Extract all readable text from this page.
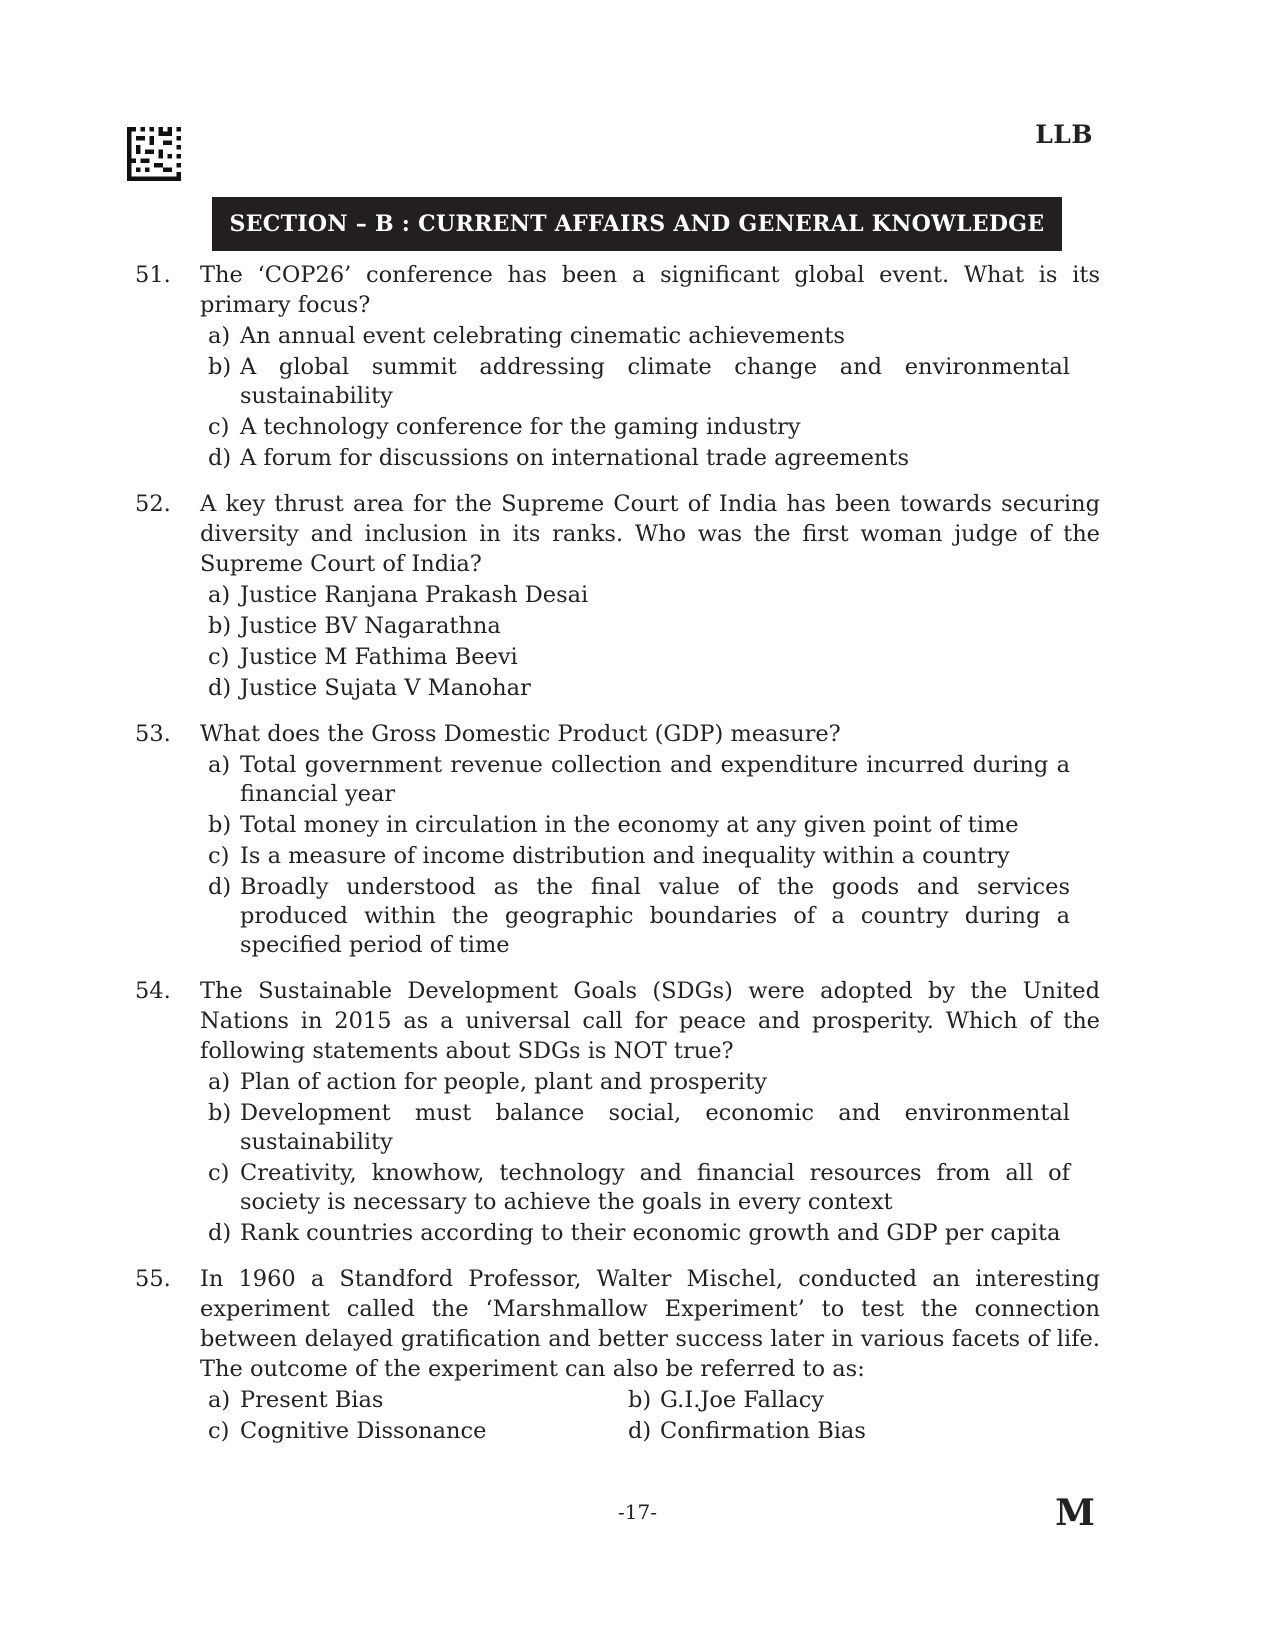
LLB
SECTION – B : CURRENT AFFAIRS AND GENERAL KNOWLEDGE
51.	The ‘COP26’ conference has been a significant global event. What is its primary focus?
a) An annual event celebrating cinematic achievements
b) A global summit addressing climate change and environmental sustainability
c) A technology conference for the gaming industry
d) A forum for discussions on international trade agreements
52.	A key thrust area for the Supreme Court of India has been towards securing diversity and inclusion in its ranks. Who was the first woman judge of the Supreme Court of India?
a) Justice Ranjana Prakash Desai
b) Justice BV Nagarathna
c) Justice M Fathima Beevi
d) Justice Sujata V Manohar
53.	What does the Gross Domestic Product (GDP) measure?
a) Total government revenue collection and expenditure incurred during a financial year
b) Total money in circulation in the economy at any given point of time
c) Is a measure of income distribution and inequality within a country
d) Broadly understood as the final value of the goods and services produced within the geographic boundaries of a country during a specified period of time
54.	The Sustainable Development Goals (SDGs) were adopted by the United Nations in 2015 as a universal call for peace and prosperity. Which of the following statements about SDGs is NOT true?
a) Plan of action for people, plant and prosperity
b) Development must balance social, economic and environmental sustainability
c) Creativity, knowhow, technology and financial resources from all of society is necessary to achieve the goals in every context
d) Rank countries according to their economic growth and GDP per capita
55.	In 1960 a Standford Professor, Walter Mischel, conducted an interesting experiment called the ‘Marshmallow Experiment’ to test the connection between delayed gratification and better success later in various facets of life. The outcome of the experiment can also be referred to as:
a) Present Bias	b) G.I.Joe Fallacy
c) Cognitive Dissonance	d) Confirmation Bias
-17-	M
